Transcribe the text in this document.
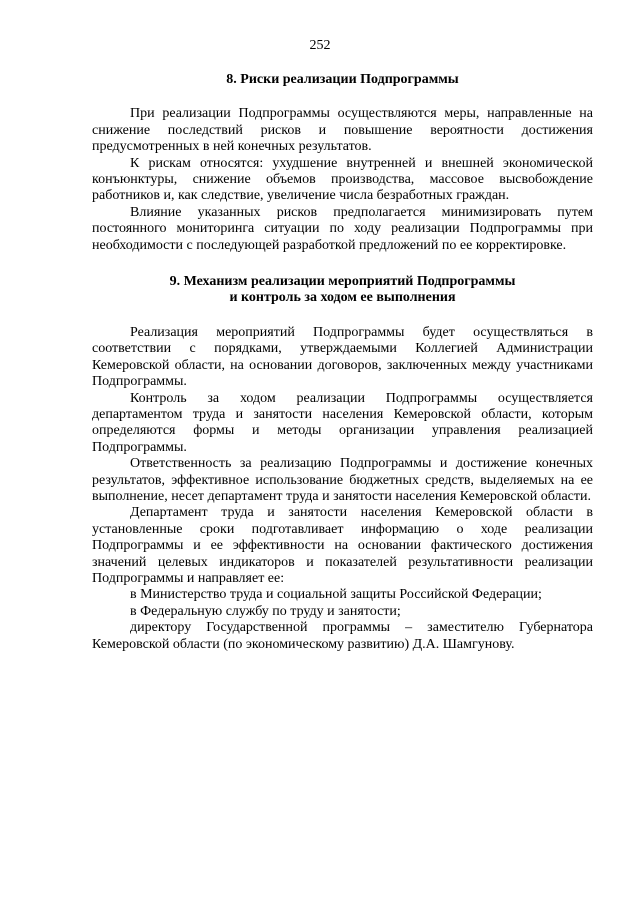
252
8. Риски реализации Подпрограммы

При реализации Подпрограммы осуществляются меры, направленные на снижение последствий рисков и повышение вероятности достижения предусмотренных в ней конечных результатов.

К рискам относятся: ухудшение внутренней и внешней экономической конъюнктуры, снижение объемов производства, массовое высвобождение работников и, как следствие, увеличение числа безработных граждан.

Влияние указанных рисков предполагается минимизировать путем постоянного мониторинга ситуации по ходу реализации Подпрограммы при необходимости с последующей разработкой предложений по ее корректировке.

9. Механизм реализации мероприятий Подпрограммы
и контроль за ходом ее выполнения

Реализация мероприятий Подпрограммы будет осуществляться в соответствии с порядками, утверждаемыми Коллегией Администрации Кемеровской области, на основании договоров, заключенных между участниками Подпрограммы.

Контроль за ходом реализации Подпрограммы осуществляется департаментом труда и занятости населения Кемеровской области, которым определяются формы и методы организации управления реализацией Подпрограммы.

Ответственность за реализацию Подпрограммы и достижение конечных результатов, эффективное использование бюджетных средств, выделяемых на ее выполнение, несет департамент труда и занятости населения Кемеровской области.

Департамент труда и занятости населения Кемеровской области в установленные сроки подготавливает информацию о ходе реализации Подпрограммы и ее эффективности на основании фактического достижения значений целевых индикаторов и показателей результативности реализации Подпрограммы и направляет ее:

в Министерство труда и социальной защиты Российской Федерации;

в Федеральную службу по труду и занятости;

директору Государственной программы – заместителю Губернатора Кемеровской области (по экономическому развитию) Д.А. Шамгунову.
